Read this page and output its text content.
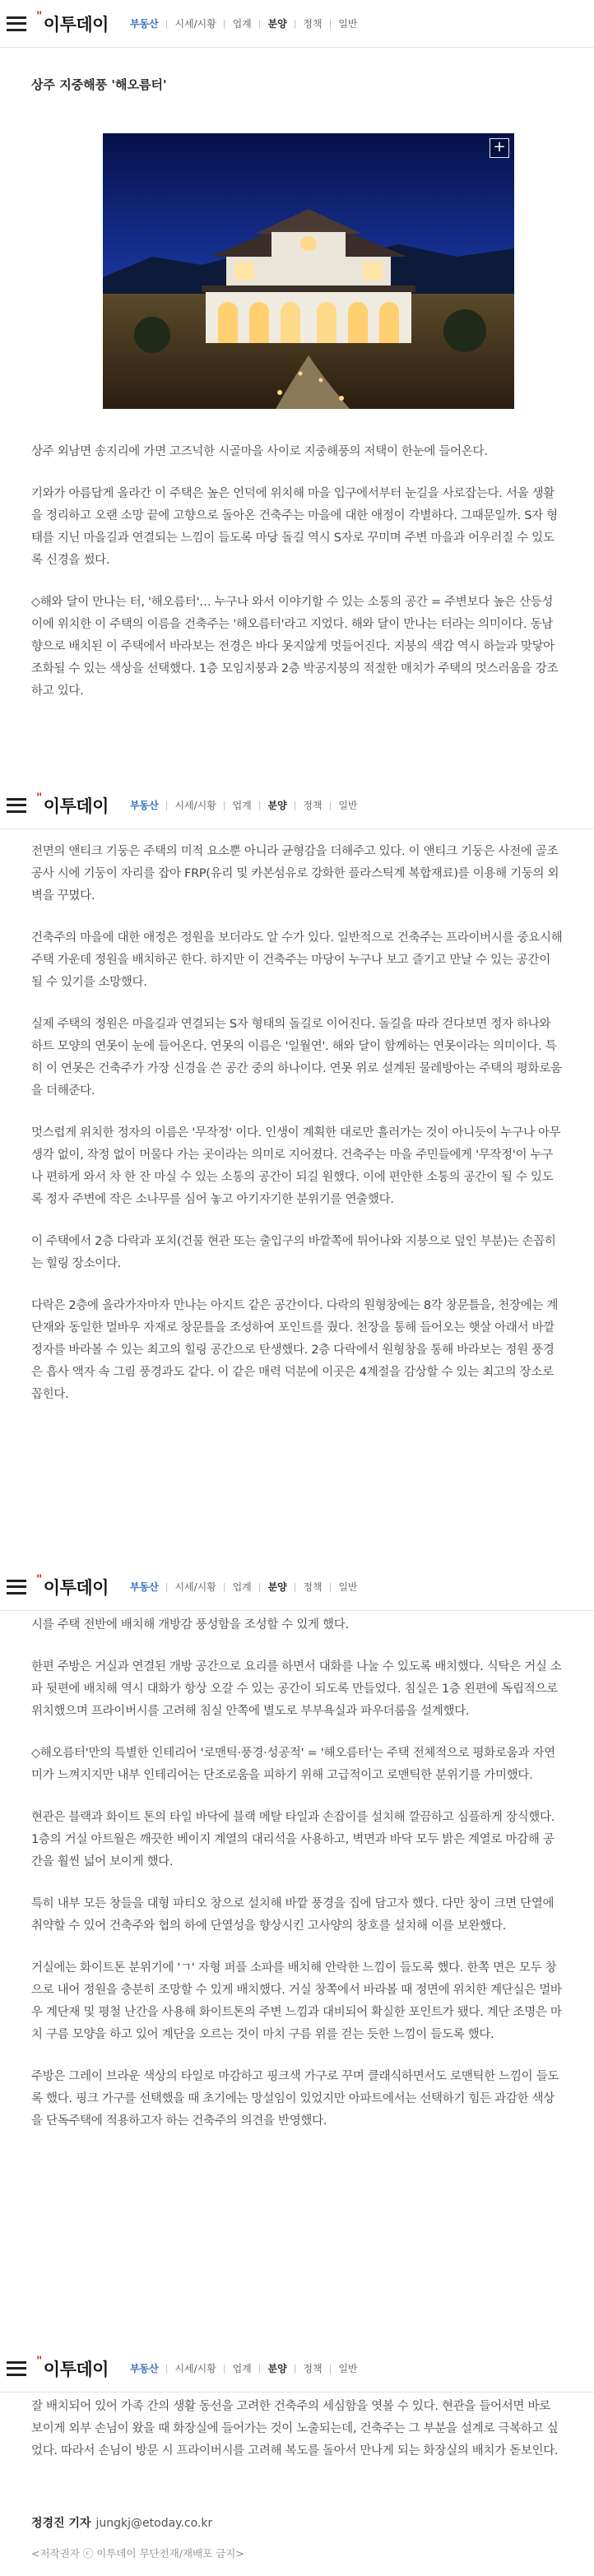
" 이투데이 부동산 | 시세/시황 | 업계 | 분양 | 정책 | 일반
" 이투데이 부동산 | 시세/시황 | 업계 | 분양 | 정책 | 일반
" 이투데이 부동산 | 시세/시황 | 업계 | 분양 | 정책 | 일반
" 이투데이 부동산 | 시세/시황 | 업계 | 분양 | 정책 | 일반
상주 지중해풍 '해오름터'
+

상주 외남면 송지리에 가면 고즈넉한 시골마을 사이로 지중해풍의 저택이 한눈에 들어온다.

기와가 아름답게 올라간 이 주택은 높은 언덕에 위치해 마을 입구에서부터 눈길을 사로잡는다. 서울 생활을 정리하고 오랜 소망 끝에 고향으로 돌아온 건축주는 마을에 대한 애정이 각별하다. 그때문일까. S자 형태를 지닌 마을길과 연결되는 느낌이 들도록 마당 돌길 역시 S자로 꾸미며 주변 마을과 어우러질 수 있도록 신경을 썼다.

◇해와 달이 만나는 터, '해오름터'… 누구나 와서 이야기할 수 있는 소통의 공간 = 주변보다 높은 산등성이에 위치한 이 주택의 이름을 건축주는 '해오름터'라고 지었다. 해와 달이 만나는 터라는 의미이다. 동남향으로 배치된 이 주택에서 바라보는 전경은 바다 못지않게 멋들어진다. 지붕의 색감 역시 하늘과 맞닿아 조화될 수 있는 색상을 선택했다. 1층 모임지붕과 2층 박공지붕의 적절한 매치가 주택의 멋스러움을 강조하고 있다.

전면의 앤티크 기둥은 주택의 미적 요소뿐 아니라 균형감을 더해주고 있다. 이 앤티크 기둥은 사전에 골조공사 시에 기둥이 자리를 잡아 FRP(유리 및 카본섬유로 강화한 플라스틱계 복합재료)를 이용해 기둥의 외벽을 꾸몄다.

건축주의 마을에 대한 애정은 정원을 보더라도 알 수가 있다. 일반적으로 건축주는 프라이버시를 중요시해 주택 가운데 정원을 배치하곤 한다. 하지만 이 건축주는 마당이 누구나 보고 즐기고 만날 수 있는 공간이 될 수 있기를 소망했다.

실제 주택의 정원은 마을길과 연결되는 S자 형태의 돌길로 이어진다. 돌길을 따라 걷다보면 정자 하나와 하트 모양의 연못이 눈에 들어온다. 연못의 이름은 '일월연'. 해와 달이 함께하는 연못이라는 의미이다. 특히 이 연못은 건축주가 가장 신경을 쓴 공간 중의 하나이다. 연못 위로 설계된 물레방아는 주택의 평화로움을 더해준다.

멋스럽게 위치한 정자의 이름은 '무작정' 이다. 인생이 계획한 대로만 흘러가는 것이 아니듯이 누구나 아무 생각 없이, 작정 없이 머물다 가는 곳이라는 의미로 지어졌다. 건축주는 마을 주민들에게 '무작정'이 누구나 편하게 와서 차 한 잔 마실 수 있는 소통의 공간이 되길 원했다. 이에 편안한 소통의 공간이 될 수 있도록 정자 주변에 작은 소나무를 심어 놓고 아기자기한 분위기를 연출했다.

이 주택에서 2층 다락과 포치(건물 현관 또는 출입구의 바깥쪽에 튀어나와 지붕으로 덮인 부분)는 손꼽히는 힐링 장소이다.

다락은 2층에 올라가자마자 만나는 아지트 같은 공간이다. 다락의 원형창에는 8각 창문틀을, 천장에는 계단재와 동일한 멀바우 자재로 창문틀을 조성하여 포인트를 줬다. 천장을 통해 들어오는 햇살 아래서 바깥 정자를 바라볼 수 있는 최고의 힐링 공간으로 탄생했다. 2층 다락에서 원형창을 통해 바라보는 정원 풍경은 흡사 액자 속 그림 풍경과도 같다. 이 같은 매력 덕분에 이곳은 4계절을 감상할 수 있는 최고의 장소로 꼽힌다.

시를 주택 전반에 배치해 개방감 풍성함을 조성할 수 있게 했다.

한편 주방은 거실과 연결된 개방 공간으로 요리를 하면서 대화를 나눌 수 있도록 배치했다. 식탁은 거실 소파 뒷편에 배치해 역시 대화가 항상 오갈 수 있는 공간이 되도록 만들었다. 침실은 1층 왼편에 독립적으로 위치했으며 프라이버시를 고려해 침실 안쪽에 별도로 부부욕실과 파우더룸을 설계했다.

◇해오름터'만의 특별한 인테리어 '로맨틱·풍경·성공적' = '해오름터'는 주택 전체적으로 평화로움과 자연미가 느껴지지만 내부 인테리어는 단조로움을 피하기 위해 고급적이고 로맨틱한 분위기를 가미했다.

현관은 블랙과 화이트 톤의 타일 바닥에 블랙 메탈 타일과 손잡이를 설치해 깔끔하고 심플하게 장식했다. 1층의 거실 아트월은 깨끗한 베이지 계열의 대리석을 사용하고, 벽면과 바닥 모두 밝은 계열로 마감해 공간을 훨씬 넓어 보이게 했다.

특히 내부 모든 창들을 대형 파티오 창으로 설치해 바깥 풍경을 집에 담고자 했다. 다만 창이 크면 단열에 취약할 수 있어 건축주와 협의 하에 단열성을 향상시킨 고사양의 창호를 설치해 이를 보완했다.

거실에는 화이트톤 분위기에 'ㄱ' 자형 퍼플 소파를 배치해 안락한 느낌이 들도록 했다. 한쪽 면은 모두 창으로 내어 정원을 충분히 조망할 수 있게 배치했다. 거실 창쪽에서 바라볼 때 정면에 위치한 계단실은 멀바우 계단재 및 평철 난간을 사용해 화이트톤의 주변 느낌과 대비되어 확실한 포인트가 됐다. 계단 조명은 마치 구름 모양을 하고 있어 계단을 오르는 것이 마치 구름 위를 걷는 듯한 느낌이 들도록 했다.

주방은 그레이 브라운 색상의 타일로 마감하고 핑크색 가구로 꾸며 클래식하면서도 로맨틱한 느낌이 들도록 했다. 핑크 가구를 선택했을 때 초기에는 망설임이 있었지만 아파트에서는 선택하기 힘든 과감한 색상을 단독주택에 적용하고자 하는 건축주의 의견을 반영했다.

잘 배치되어 있어 가족 간의 생활 동선을 고려한 건축주의 세심함을 엿볼 수 있다. 현관을 들어서면 바로 보이게 외부 손님이 왔을 때 화장실에 들어가는 것이 노출되는데, 건축주는 그 부분을 설계로 극복하고 싶었다. 따라서 손님이 방문 시 프라이버시를 고려해 복도를 돌아서 만나게 되는 화장실의 배치가 돋보인다.

정경진 기자 jungkj@etoday.co.kr
<저작권자 ⓒ 이투데이 무단전재/재배포 금지>
